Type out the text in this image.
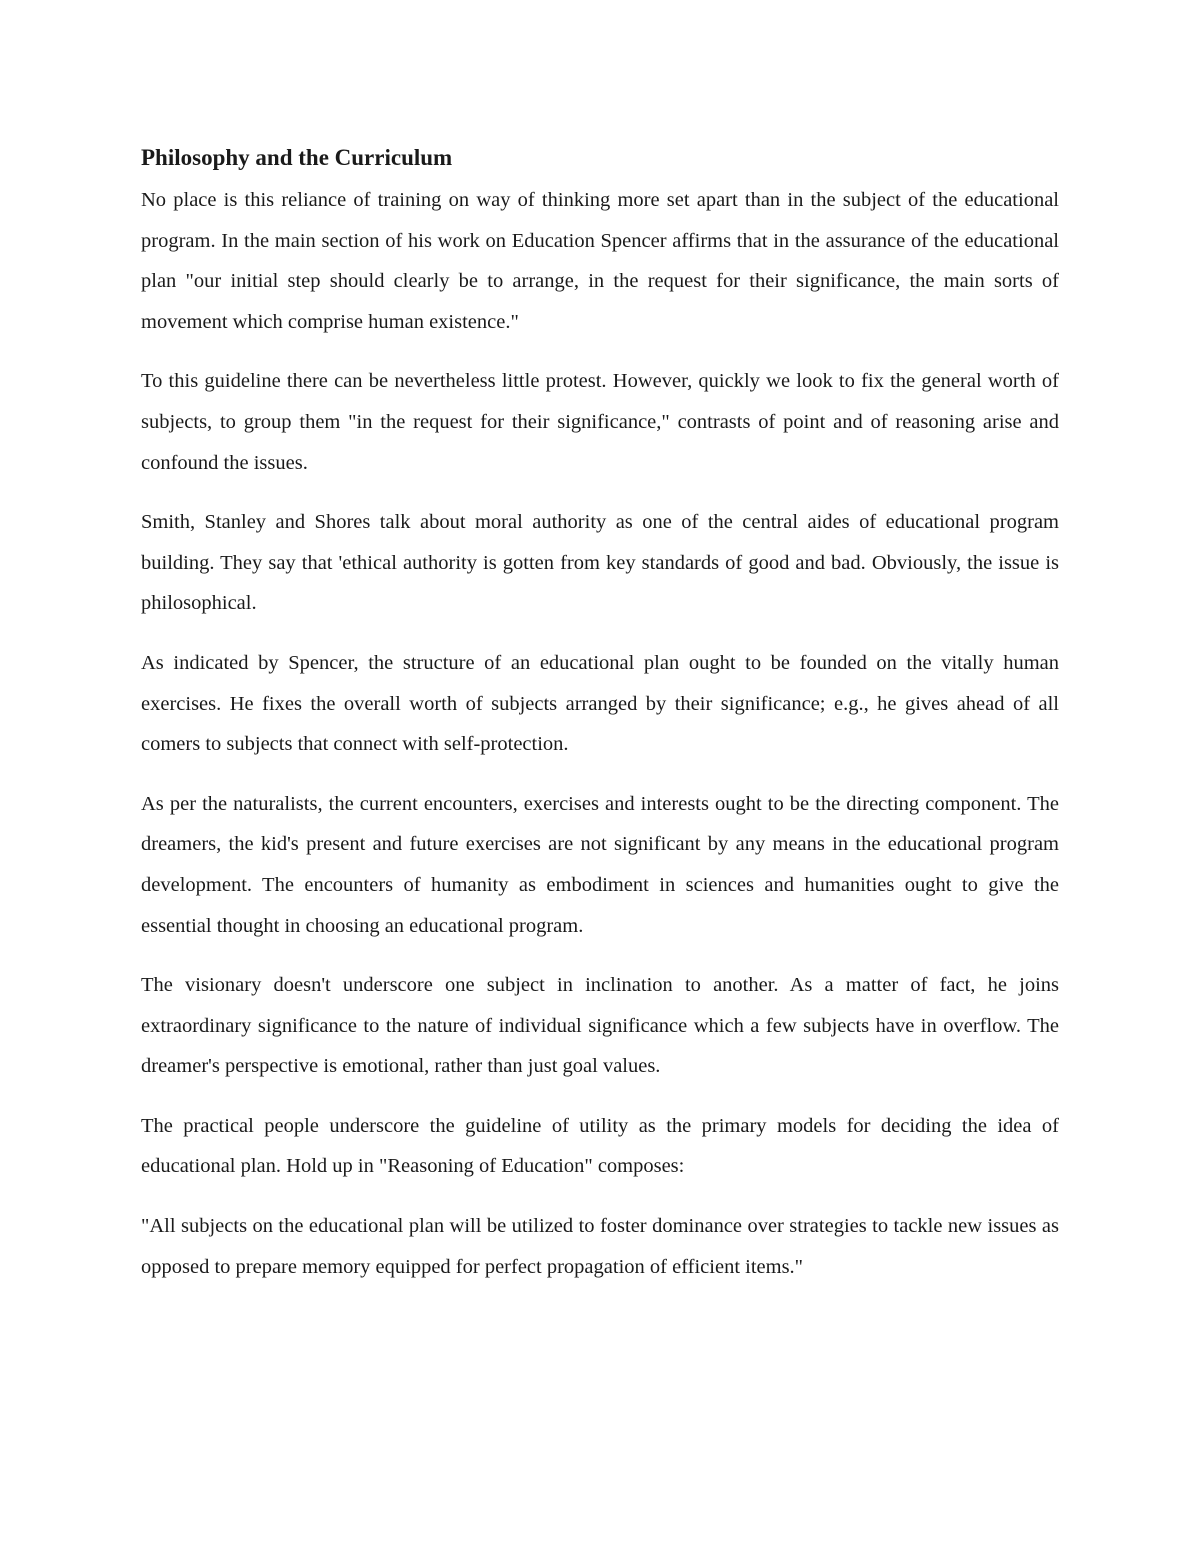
Philosophy and the Curriculum

No place is this reliance of training on way of thinking more set apart than in the subject of the educational program. In the main section of his work on Education Spencer affirms that in the assurance of the educational plan "our initial step should clearly be to arrange, in the request for their significance, the main sorts of movement which comprise human existence."

To this guideline there can be nevertheless little protest. However, quickly we look to fix the general worth of subjects, to group them "in the request for their significance," contrasts of point and of reasoning arise and confound the issues.

Smith, Stanley and Shores talk about moral authority as one of the central aides of educational program building. They say that 'ethical authority is gotten from key standards of good and bad. Obviously, the issue is philosophical.

As indicated by Spencer, the structure of an educational plan ought to be founded on the vitally human exercises. He fixes the overall worth of subjects arranged by their significance; e.g., he gives ahead of all comers to subjects that connect with self-protection.

As per the naturalists, the current encounters, exercises and interests ought to be the directing component. The dreamers, the kid's present and future exercises are not significant by any means in the educational program development. The encounters of humanity as embodiment in sciences and humanities ought to give the essential thought in choosing an educational program.

The visionary doesn't underscore one subject in inclination to another. As a matter of fact, he joins extraordinary significance to the nature of individual significance which a few subjects have in overflow. The dreamer's perspective is emotional, rather than just goal values.

The practical people underscore the guideline of utility as the primary models for deciding the idea of educational plan. Hold up in "Reasoning of Education" composes:

"All subjects on the educational plan will be utilized to foster dominance over strategies to tackle new issues as opposed to prepare memory equipped for perfect propagation of efficient items."
